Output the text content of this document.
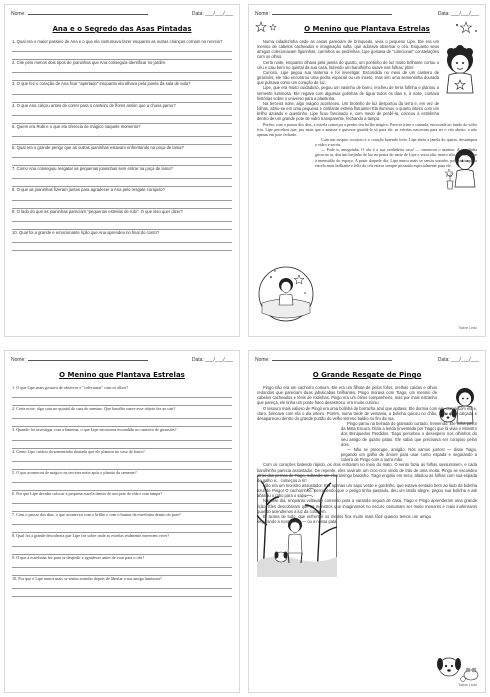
Nome:	Data: ___/___/___
Ana e o Segredo das Asas Pintadas
1. Qual era o maior passeio de Ana e o que ela costumava fazer enquanto as outras crianças corriam no recreio?
2. Cite pelo menos dois tipos de joaninhas que Ana conseguia identificar no jardim.
3. O que fez o coração de Ana ficar "apertado" enquanto ela olhava pela janela da sala de aula?
4. O que Ana calçou antes de correr para o canteiro de flores assim que a chuva parou?
5. Quem era Rubi e o que ela oferecia de mágico naquele momento?
6. Qual era o grande perigo que as outras joaninhas estavam enfrentando na poça de lama?
7. Como Ana conseguiu resgatar as pequenas joaninhas sem entrar na poça de lama?
8. O que as joaninhas fizeram juntas para agradecer a Ana pelo resgate corajoso?
9. O lado do que as joaninhas pareciam "pequenas estrelas de rubi". O que isso quer dizer?
10. Qual foi a grande e emocionante lição que Ana aprendeu no final do conto?
Nome:	Data: ___/___/___
O Menino que Plantava Estrelas

Numa cidadezinha onde as casas pareciam de brinquedo, vivia o pequeno Lipe. Ele era um menino de cabelos cacheados e imaginação solta, que adorava observar o céu. Enquanto seus amigos colecionavam figurinhas, carrinhos ou pedrinhas, Lipe gostava de "colecionar" constelações com os olhos.

Certa noite, enquanto olhava pela janela do quarto, um pontinho de luz muito brilhante cortou o céu e caiu bem no quintal da sua casa, fazendo um barulhinho suave nas folhas: plim!

Curioso, Lipe pegou sua lanterna e foi investigar. Escondida no meio de um canteiro de girassóis, ele não encontrou uma pedra espacial ou um inseto, mas sim uma sementinha dourada que pulsava como um coração de luz.

Lipe, que era muito cuidadoso, pegou um vasinho de barro, encheu de terra fofinha e plantou a semente luminosa. Ele regava com algumas gotinhas de água todos os dias e, à noite, contava histórias sobre o universo para a plantinha.

Na terceira noite, algo mágico aconteceu. Um brotinho de luz desportou da terra e, em vez de folhas, abriu-se em uma pequena e cintilante estrela flutuante! Ela iluminou o quarto inteiro com um brilho azulado e quentinho. Lipe ficou fascinado e, com medo de perdê-la, colocou a estrelinha dentro de um grande pote de vidro transparente, fechando a tampa.

Porém, com o passar dos dias, a estrela começou a perder seu brilho mágico. Parecia triste e cansada, encostada no fundo do vidro frio. Lipe percebeu que, por mais que a amasse e quisesse guardá-la só para ele, as estrelas nasceram para ter o céu aberto, a não apenas em pote fechado.

Com um suspiro corajoso e o coração batendo forte, Lipe abriu a janela do quarto, destampou o vidro e sorriu.

— Pode ir, amiguinha. O céu é a sua verdadeira casa! — sussurrou o menino. A estrelinha girou no ar, deu um beijinho de luz na ponta do nariz de Lipe e voou alto, muito alto, até se juntar à imensidão do espaço. A partir daquele dia, Lipe nunca mais se sentiu sozinho, pois sabia que a estrela mais brilhante e feliz do céu estava sempre piscando especialmente para ele.

Tiakre Ledo
Nome:	Data: ___/___/___
O Menino que Plantava Estrelas
1. O que Lipe mais gostava de observar e "colecionar" com os olhos?
2. Certa noite, algo caiu no quintal da casa do menino. Que barulho suave esse objeto fez ao cair?
3. Quando foi investigar com a lanterna, o que Lipe encontrou escondido no canteiro de girassóis?
4. Como Lipe cuidou da sementinha dourada que ele plantou no vaso de barro?
5. O que aconteceu de mágico na terceira noite após o plantio da semente?
6. Por que Lipe decidiu colocar a pequena estrela dentro de um pote de vidro com tampa?
7. Com o passar dos dias, o que aconteceu com o brilho e com o humor da estrelinha dentro do pote?
8. Qual foi a grande descoberta que Lipe fez sobre onde as estrelas realmente merecem viver?
9. O que a estrelinha fez para se despedir e agradecer antes de voar para o céu?
10. Por que o Lipe nunca mais se sentiu sozinho depois de libertar a sua amiga luminosa?
Nome:	Data: ___/___/___
O Grande Resgate de Pingo

Pingo não era um cachorro comum. Ele era um filhote de pelos fofos, orelhas caídas e olhos redondos que pareciam duas jabuticabas brilhantes. Pingo morava com Tiago, um menino de cabelos cacheados e tênis de rodinhas. Pingo era um ótimo companheiro, mas por mais estranho que pareça, ele tinha um ponto fraco desastroso: era muito curioso.

O tesouro mais valioso de Pingo era uma bolinha de borracha azul que apitava. Ele dormia com ela, comia com ela e, claro, brincava com ela o dia inteiro. Porém, numa tarde de ventania, a bolinha quicou no chão, rolou pela calçada e desapareceu dentro do grande portão do velho terreno baldio no fim da rua.

Pingo parou na beirada do gramado cortado, tremendo. Ele tinha pavor da Mata Escura. Dizia a lenda (inventada por Tiago) que lá vivia o Monstro dos Brinquedos Perdidos. Tiago percebeu o desespero nos olhinhos do seu amigo de quatro patas. Ele sabia que precisava ser corajoso pelos dois.

— Não se preocupe, amigão. Nós vamos juntos! — disse Tiago, pegando um galho de árvore para usar como espada e segurando a coleira de Pingo com a outra mão.

Com os corações batendo rápido, os dois entraram no meio do mato. O vento fazia as folhas sussurrarem, e cada barulhinho parecia assustador. De repente, eles ouviram um croc-croc vindo de trás de uma moita. Pingo se escondeu atrás das pernas de Tiago, soltando um choramingo baixinho. Tiago engoliu em seco, afastou as folhas com sua espada de galho e... começou a rir!

Não era um monstro assustador. Era apenas um sapo verde e gordinho, que estava sentado bem ao lado da bolinha azul de Pingo! O cachorrinho, percebendo que o perigo tinha passado, deu um latido alegre, pegou sua bolinha e até abanou o rabo para o sapo.

Naquele dia, enquanto voltavam correndo para a varanda segura de casa, Tiago e Pingo aprenderam uma grande lição. Eles descobriram que os monstros que imaginamos no escuro costumam ser muito menores e mais inofensivos quando acendemos a luz da coragem.

E, acima de tudo, que enfrentar os medos fica muito mais fácil quando temos um amigo segurando a nossa mão — ou a nossa pata.

Tiakre Ledo
